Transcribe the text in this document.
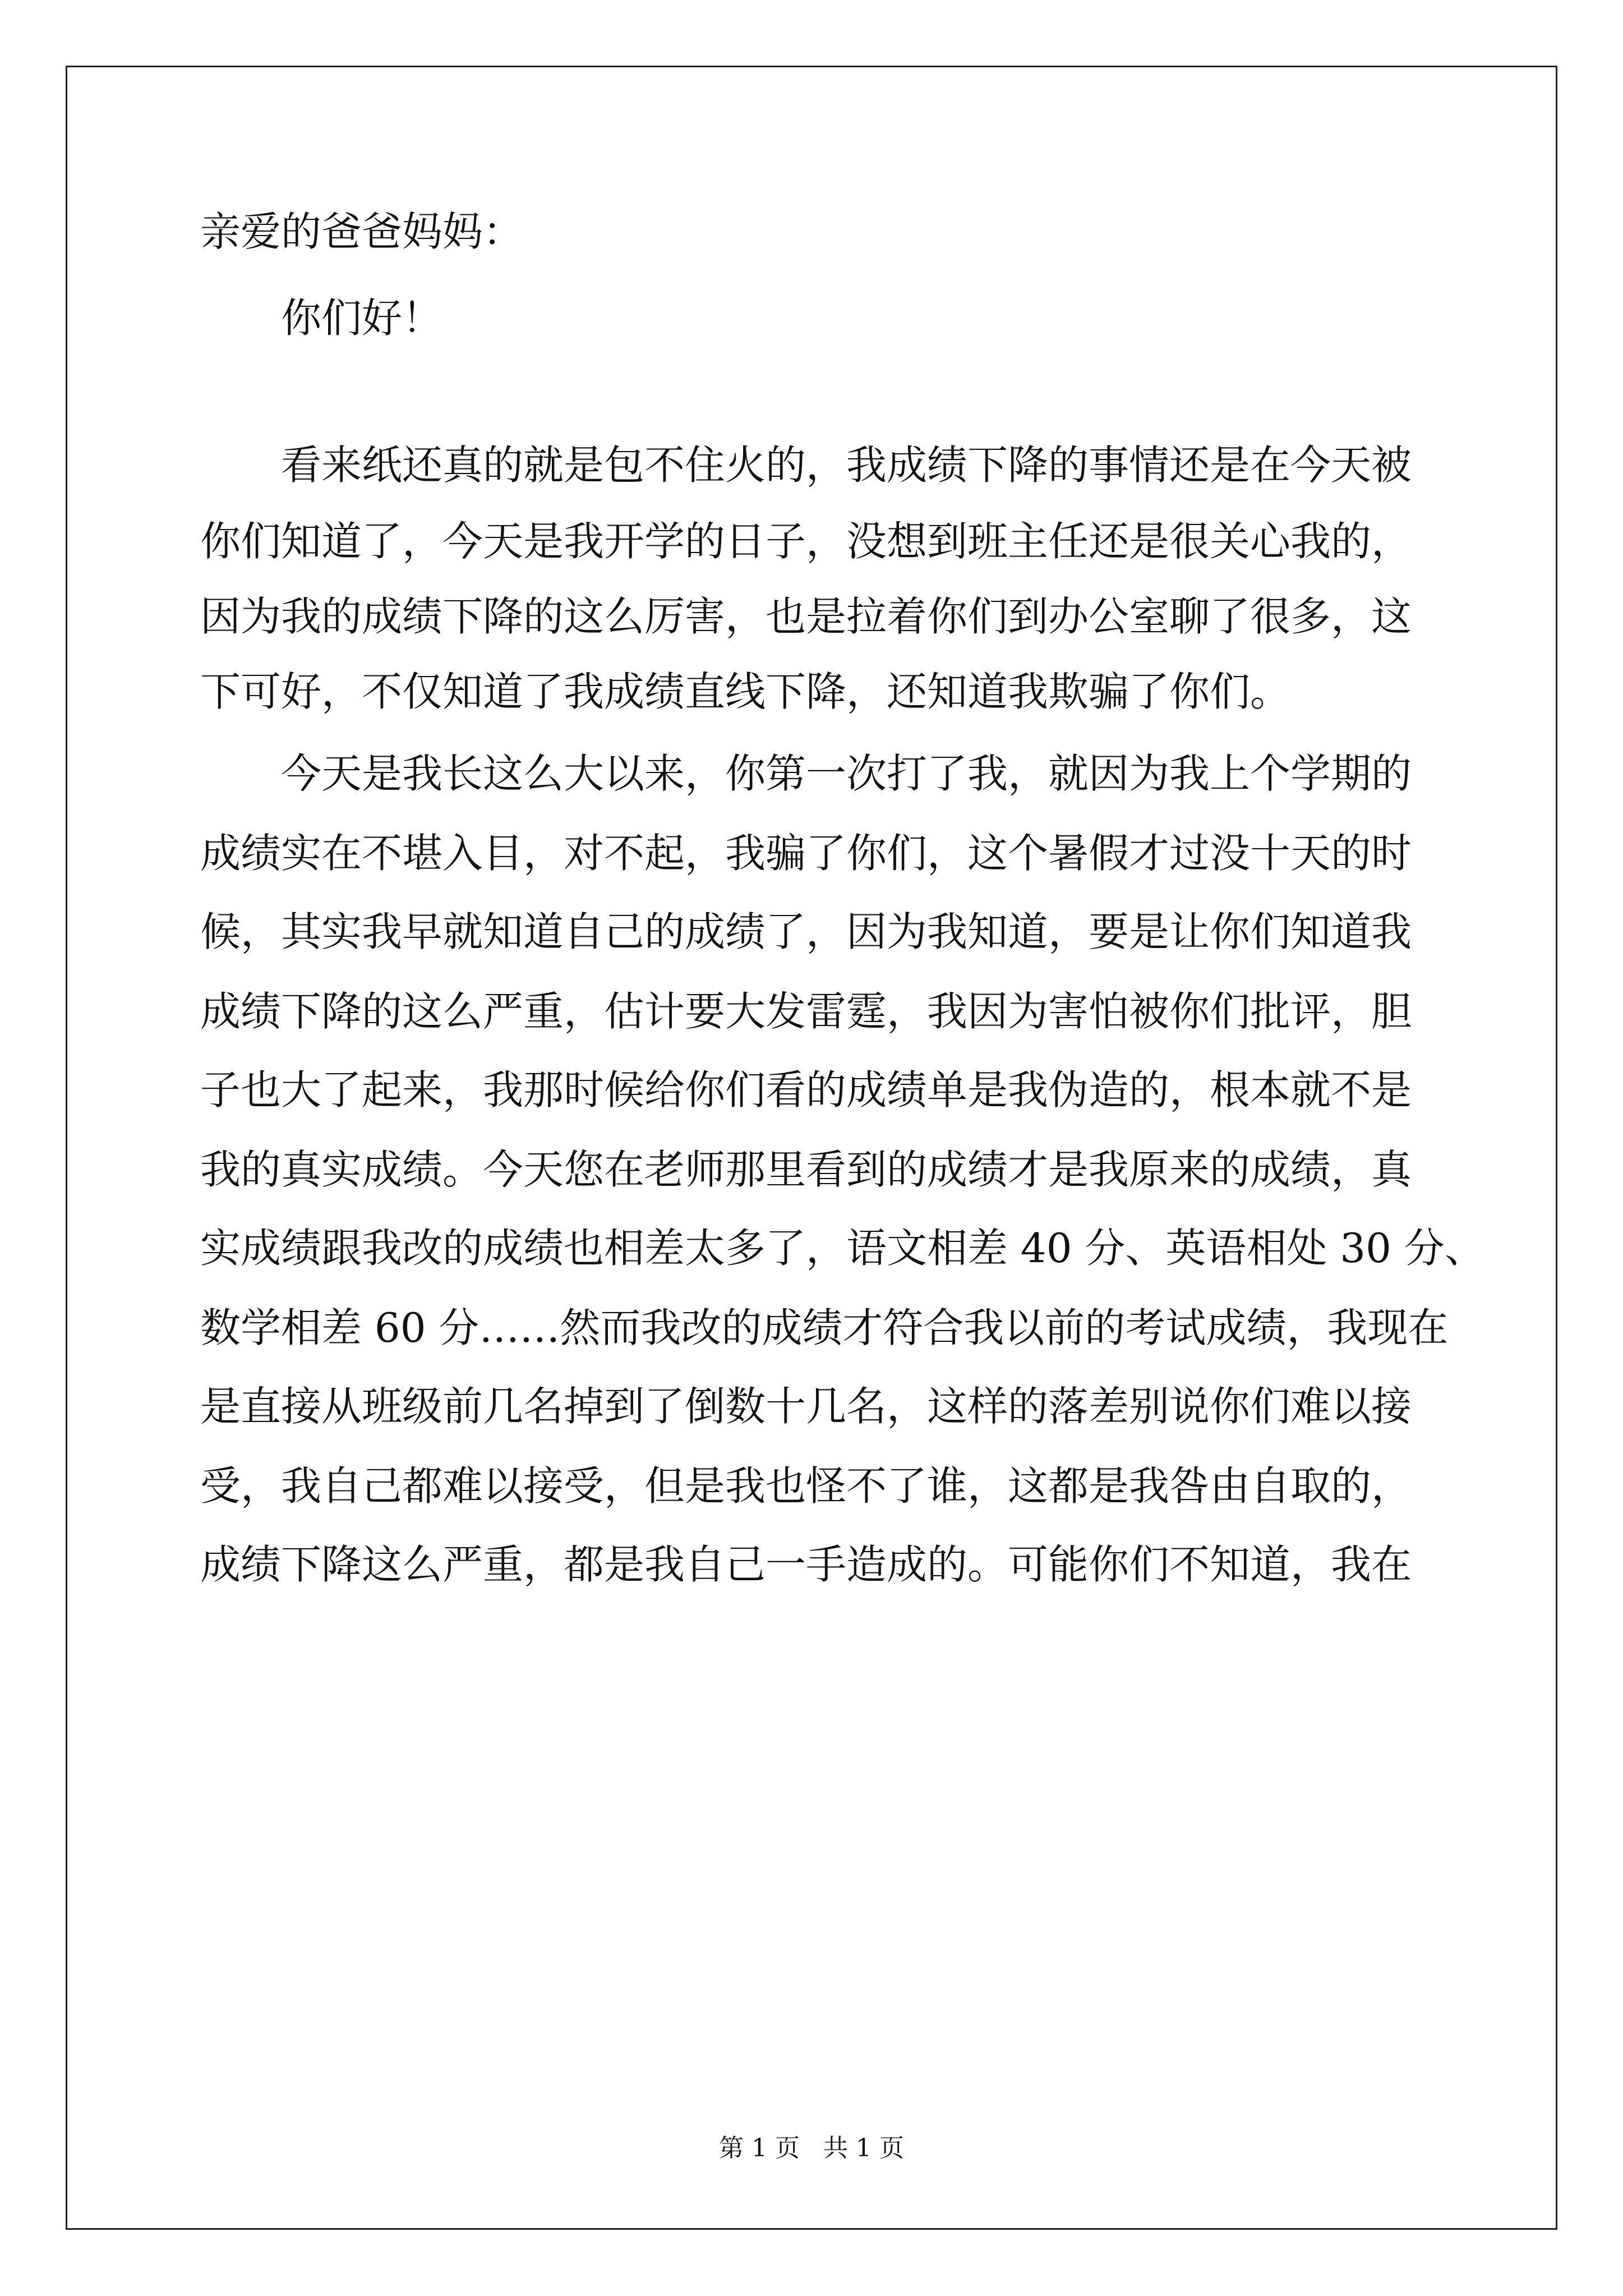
亲爱的爸爸妈妈：
你们好！
看来纸还真的就是包不住火的，我成绩下降的事情还是在今天被
你们知道了，今天是我开学的日子，没想到班主任还是很关心我的，
因为我的成绩下降的这么厉害，也是拉着你们到办公室聊了很多，这
下可好，不仅知道了我成绩直线下降，还知道我欺骗了你们。
今天是我长这么大以来，你第一次打了我，就因为我上个学期的
成绩实在不堪入目，对不起，我骗了你们，这个暑假才过没十天的时
候，其实我早就知道自己的成绩了，因为我知道，要是让你们知道我
成绩下降的这么严重，估计要大发雷霆，我因为害怕被你们批评，胆
子也大了起来，我那时候给你们看的成绩单是我伪造的，根本就不是
我的真实成绩。今天您在老师那里看到的成绩才是我原来的成绩，真
实成绩跟我改的成绩也相差太多了，语文相差 40 分、英语相处 30 分、
数学相差 60 分……然而我改的成绩才符合我以前的考试成绩，我现在
是直接从班级前几名掉到了倒数十几名，这样的落差别说你们难以接
受，我自己都难以接受，但是我也怪不了谁，这都是我咎由自取的，
成绩下降这么严重，都是我自己一手造成的。可能你们不知道，我在
第 1 页   共 1 页
